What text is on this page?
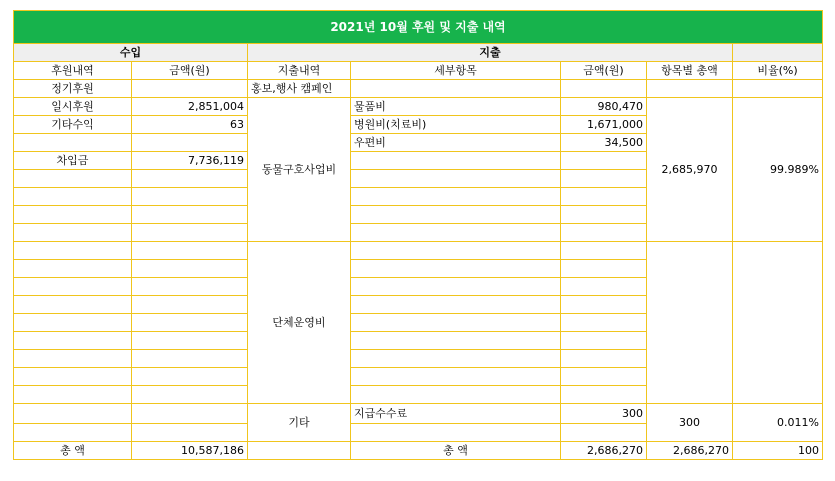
2021년 10월 후원 및 지출 내역						
수입		지출				
후원내역	금액(원)	지출내역	세부항목	금액(원)	항목별 총액	비율(%)
정기후원		홍보,행사 캠페인				
일시후원	2,851,004	동물구호사업비	물품비	980,470	2,685,970	99.989%
기타수익	63		병원비(치료비)	1,671,000		
			우편비	34,500		
차입금	7,736,119					

		단체운영비				

		기타	지급수수료	300	300	0.011%

총 액	10,587,186		총 액	2,686,270	2,686,270	100
